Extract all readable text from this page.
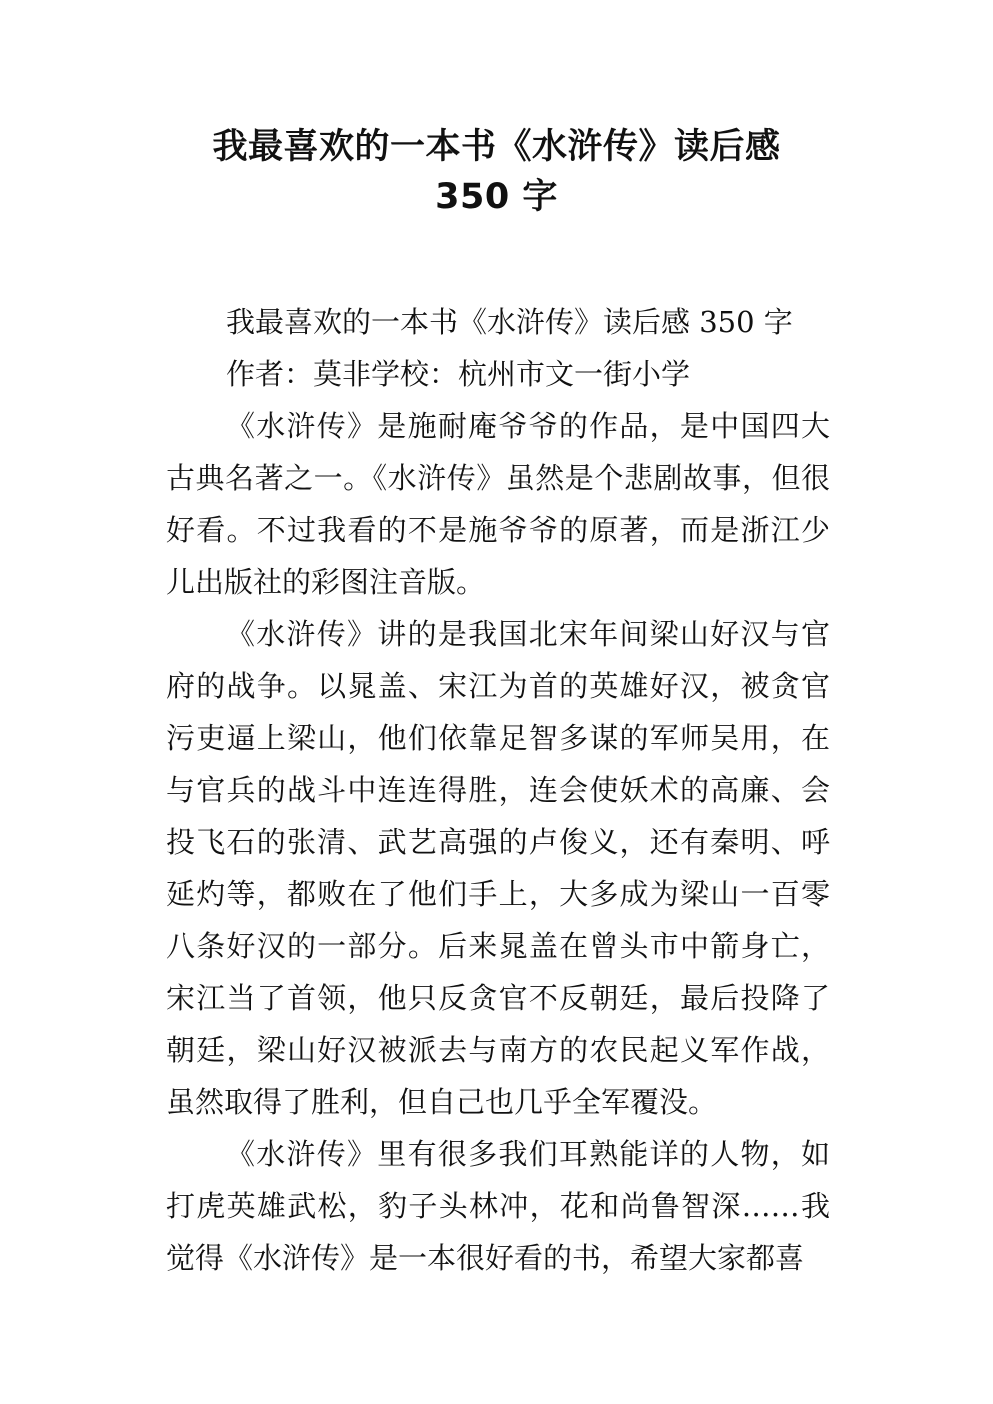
我最喜欢的一本书《水浒传》读后感
350 字

我最喜欢的一本书《水浒传》读后感 350 字

作者：莫非学校：杭州市文一街小学

《水浒传》是施耐庵爷爷的作品，是中国四大古典名著之一。《水浒传》虽然是个悲剧故事，但很好看。不过我看的不是施爷爷的原著，而是浙江少儿出版社的彩图注音版。

《水浒传》讲的是我国北宋年间梁山好汉与官府的战争。以晁盖、宋江为首的英雄好汉，被贪官污吏逼上梁山，他们依靠足智多谋的军师吴用，在与官兵的战斗中连连得胜，连会使妖术的高廉、会投飞石的张清、武艺高强的卢俊义，还有秦明、呼延灼等，都败在了他们手上，大多成为梁山一百零八条好汉的一部分。后来晁盖在曾头市中箭身亡，宋江当了首领，他只反贪官不反朝廷，最后投降了朝廷，梁山好汉被派去与南方的农民起义军作战，虽然取得了胜利，但自己也几乎全军覆没。

《水浒传》里有很多我们耳熟能详的人物，如打虎英雄武松，豹子头林冲，花和尚鲁智深……我觉得《水浒传》是一本很好看的书，希望大家都喜
